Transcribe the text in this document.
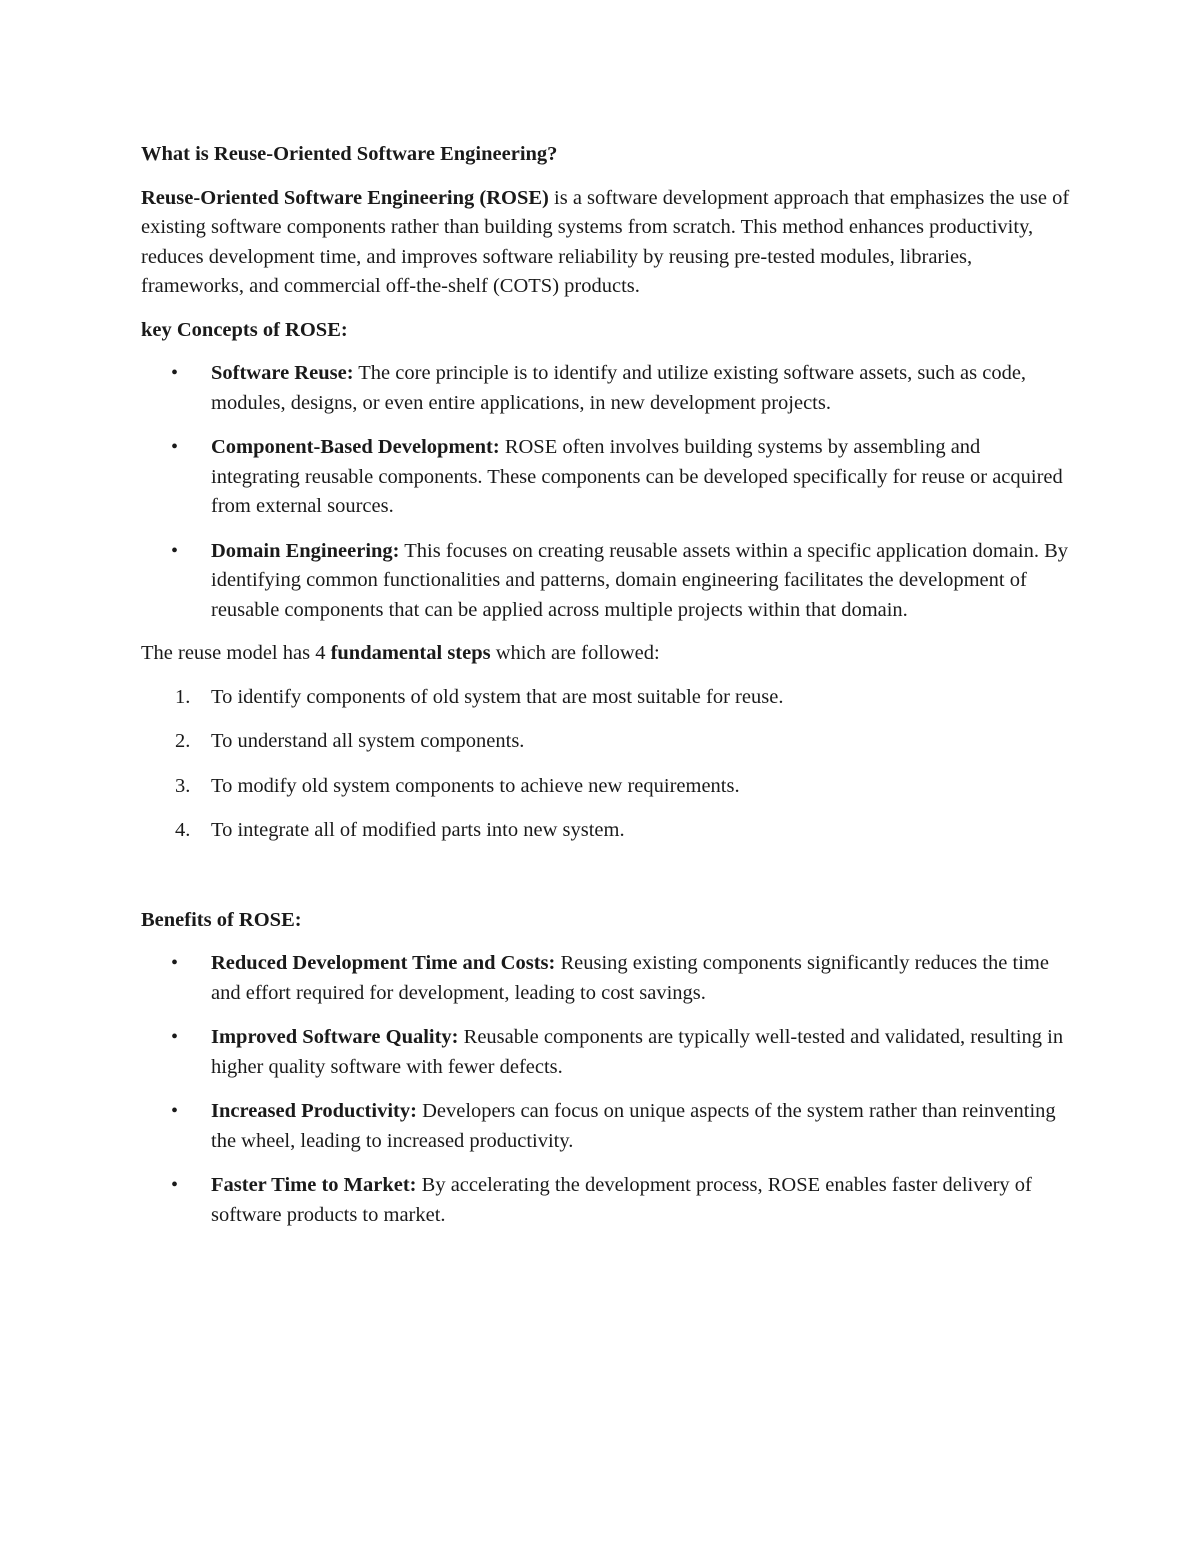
What is Reuse-Oriented Software Engineering?

Reuse-Oriented Software Engineering (ROSE) is a software development approach that emphasizes the use of existing software components rather than building systems from scratch. This method enhances productivity, reduces development time, and improves software reliability by reusing pre-tested modules, libraries, frameworks, and commercial off-the-shelf (COTS) products.

key Concepts of ROSE:

• Software Reuse: The core principle is to identify and utilize existing software assets, such as code, modules, designs, or even entire applications, in new development projects.
• Component-Based Development: ROSE often involves building systems by assembling and integrating reusable components. These components can be developed specifically for reuse or acquired from external sources.
• Domain Engineering: This focuses on creating reusable assets within a specific application domain. By identifying common functionalities and patterns, domain engineering facilitates the development of reusable components that can be applied across multiple projects within that domain.

The reuse model has 4 fundamental steps which are followed:

1. To identify components of old system that are most suitable for reuse.
2. To understand all system components.
3. To modify old system components to achieve new requirements.
4. To integrate all of modified parts into new system.

Benefits of ROSE:

• Reduced Development Time and Costs: Reusing existing components significantly reduces the time and effort required for development, leading to cost savings.
• Improved Software Quality: Reusable components are typically well-tested and validated, resulting in higher quality software with fewer defects.
• Increased Productivity: Developers can focus on unique aspects of the system rather than reinventing the wheel, leading to increased productivity.
• Faster Time to Market: By accelerating the development process, ROSE enables faster delivery of software products to market.
